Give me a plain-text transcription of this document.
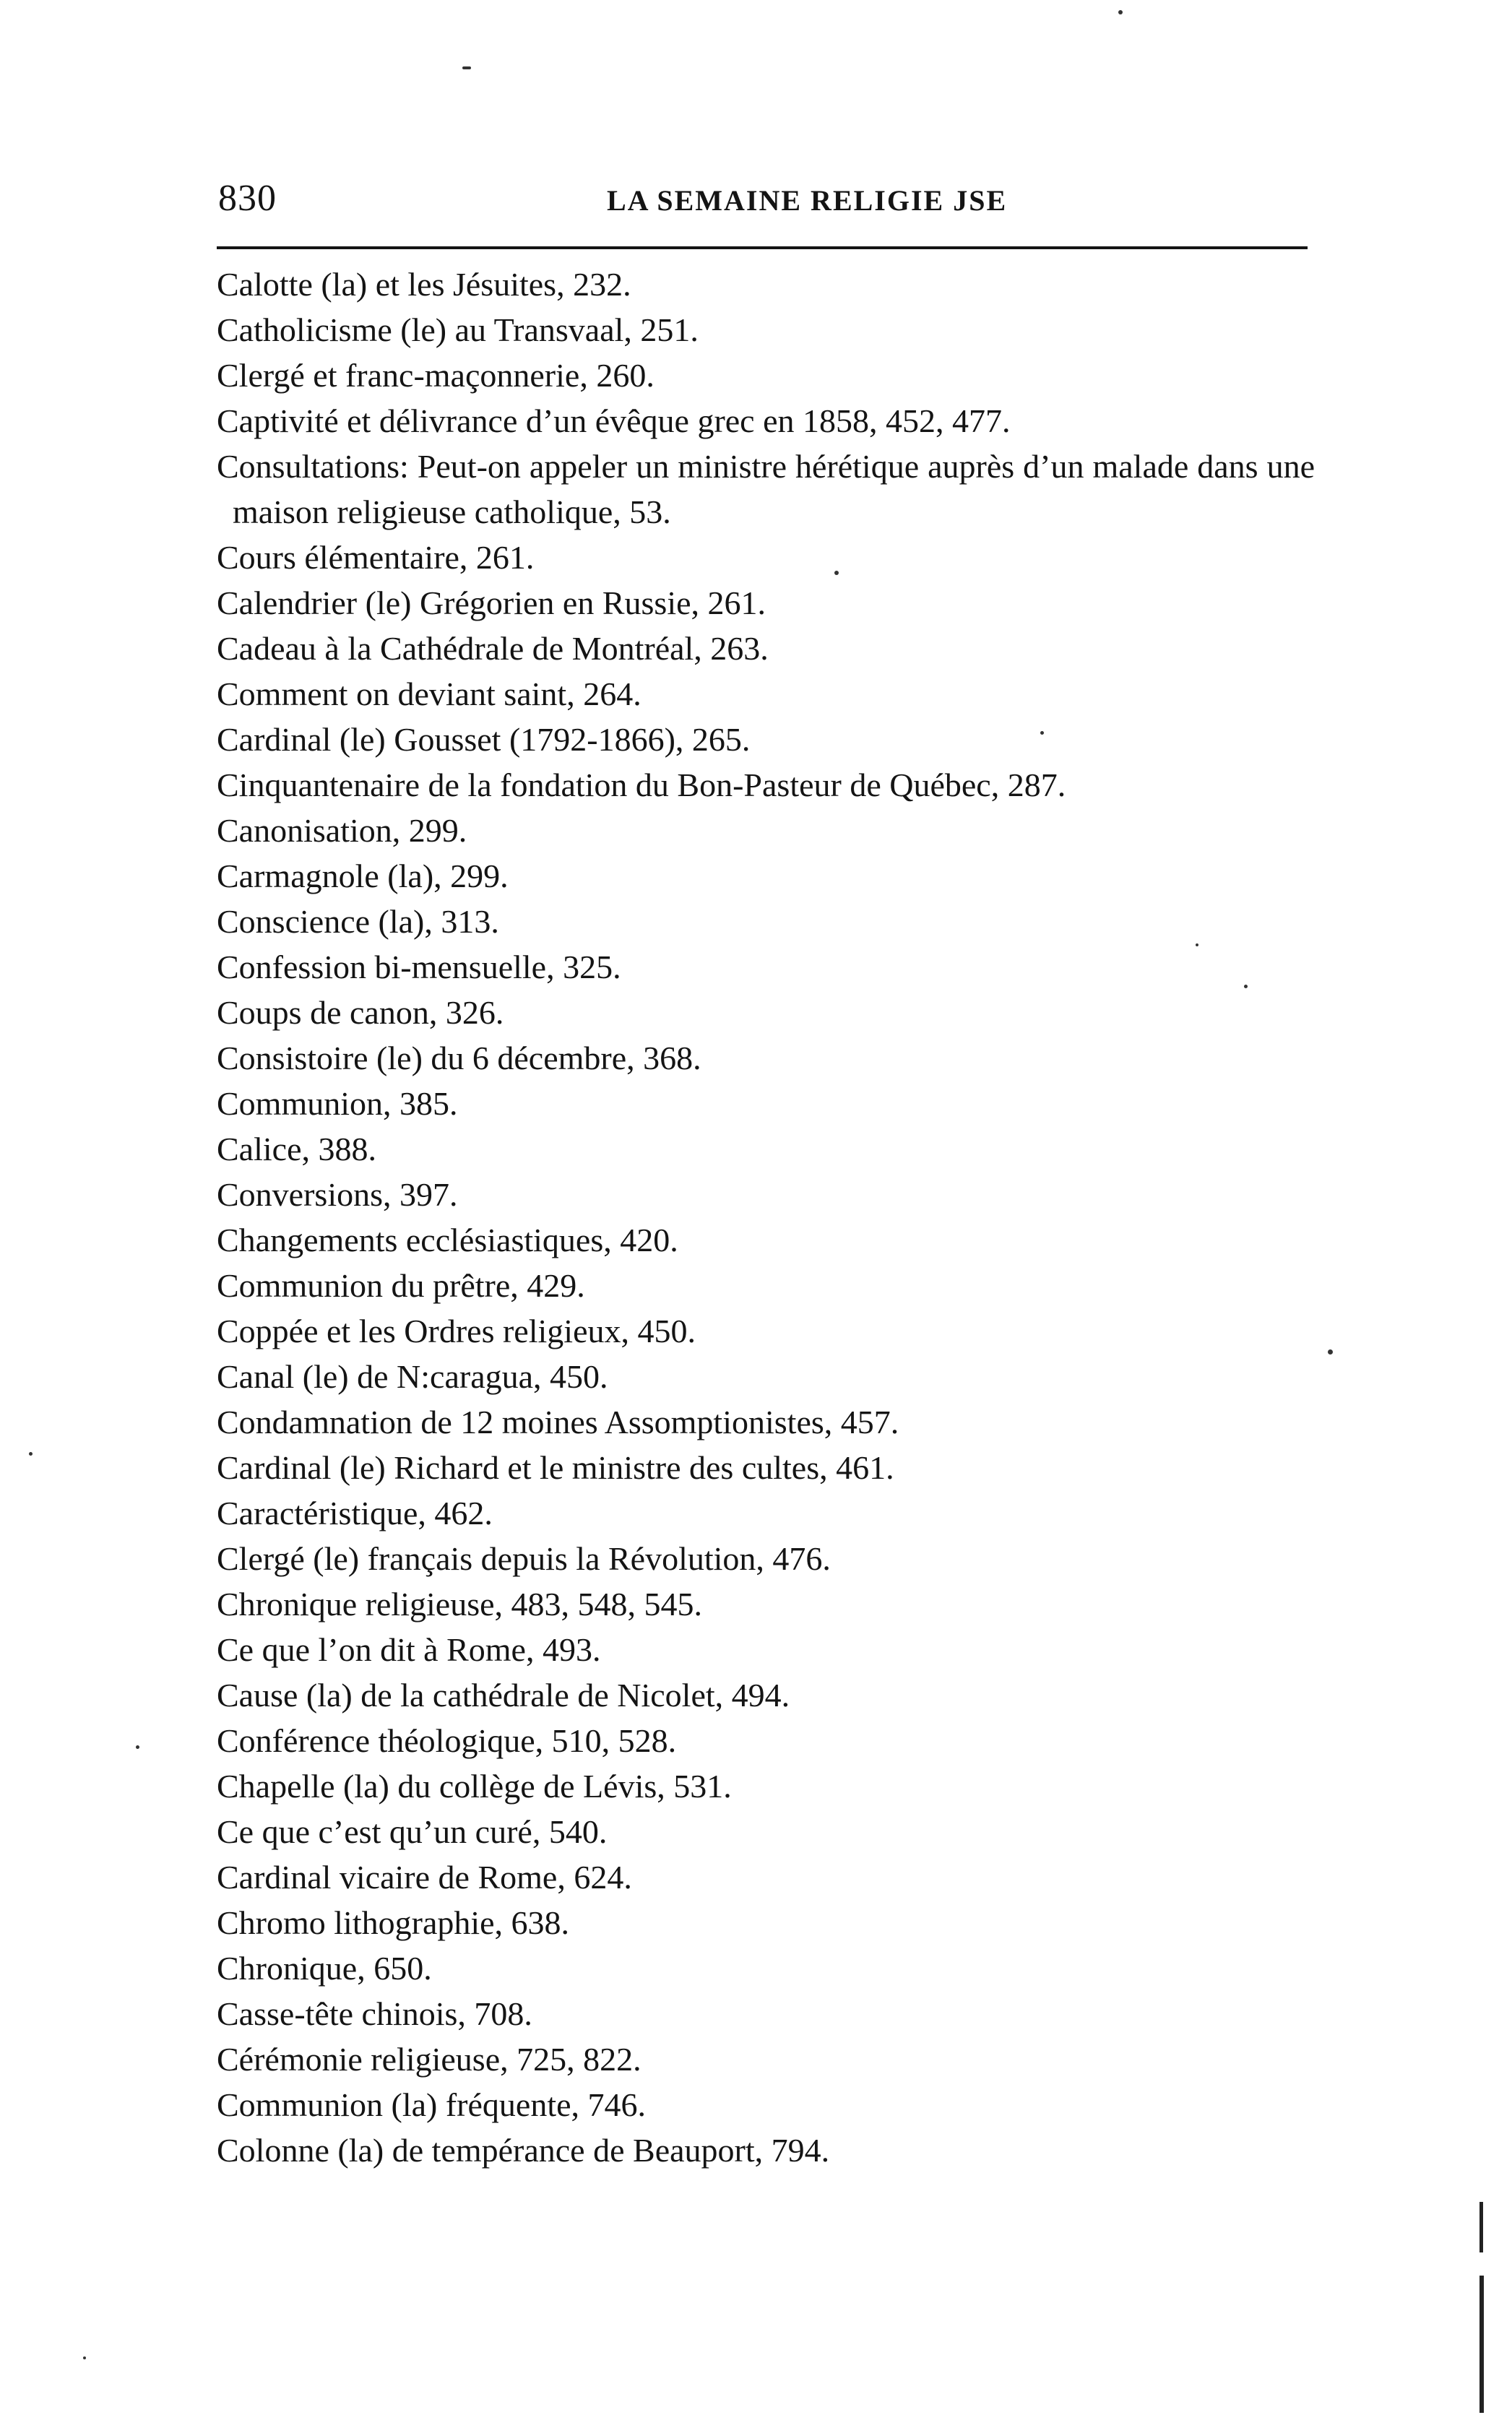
830	LA SEMAINE RELIGIE JSE
Calotte (la) et les Jésuites, 232.
Catholicisme (le) au Transvaal, 251.
Clergé et franc-maçonnerie, 260.
Captivité et délivrance d’un évêque grec en 1858, 452, 477.
Consultations: Peut-on appeler un ministre hérétique auprès d’un malade dans une maison religieuse catholique, 53.
Cours élémentaire, 261.
Calendrier (le) Grégorien en Russie, 261.
Cadeau à la Cathédrale de Montréal, 263.
Comment on deviant saint, 264.
Cardinal (le) Gousset (1792-1866), 265.
Cinquantenaire de la fondation du Bon-Pasteur de Québec, 287.
Canonisation, 299.
Carmagnole (la), 299.
Conscience (la), 313.
Confession bi-mensuelle, 325.
Coups de canon, 326.
Consistoire (le) du 6 décembre, 368.
Communion, 385.
Calice, 388.
Conversions, 397.
Changements ecclésiastiques, 420.
Communion du prêtre, 429.
Coppée et les Ordres religieux, 450.
Canal (le) de N:caragua, 450.
Condamnation de 12 moines Assomptionistes, 457.
Cardinal (le) Richard et le ministre des cultes, 461.
Caractéristique, 462.
Clergé (le) français depuis la Révolution, 476.
Chronique religieuse, 483, 548, 545.
Ce que l’on dit à Rome, 493.
Cause (la) de la cathédrale de Nicolet, 494.
Conférence théologique, 510, 528.
Chapelle (la) du collège de Lévis, 531.
Ce que c’est qu’un curé, 540.
Cardinal vicaire de Rome, 624.
Chromo lithographie, 638.
Chronique, 650.
Casse-tête chinois, 708.
Cérémonie religieuse, 725, 822.
Communion (la) fréquente, 746.
Colonne (la) de tempérance de Beauport, 794.
